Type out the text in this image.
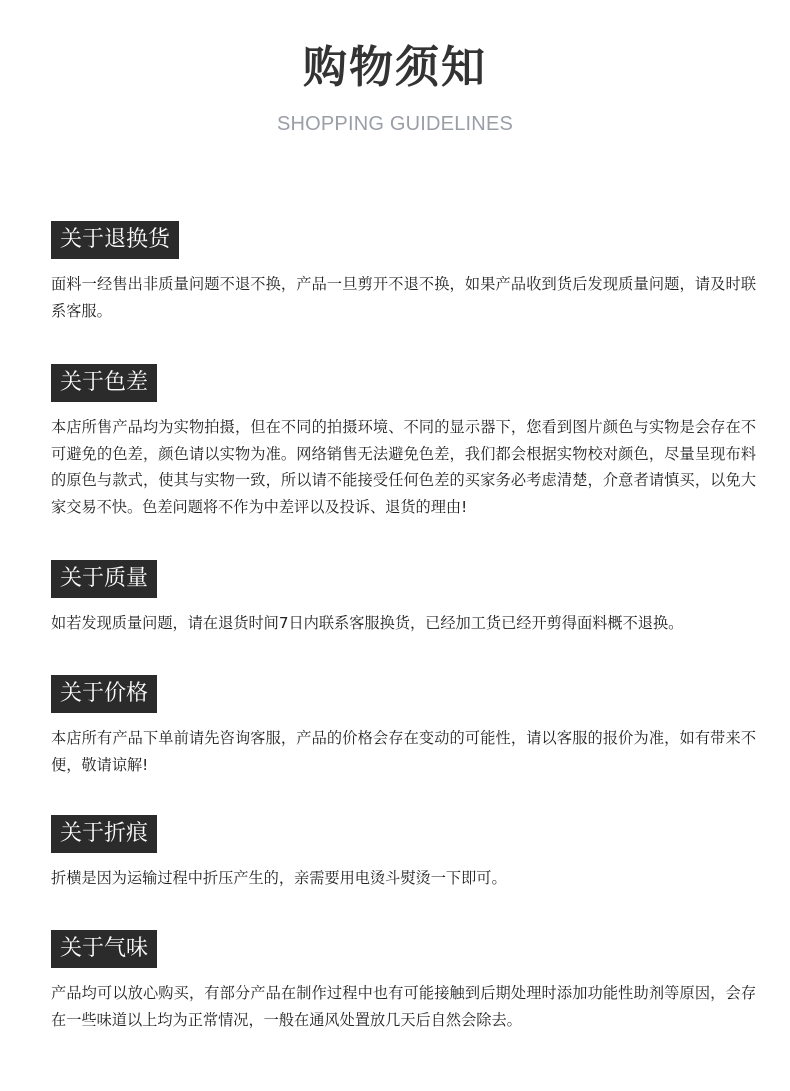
购物须知
SHOPPING GUIDELINES
关于退换货
面料一经售出非质量问题不退不换，产品一旦剪开不退不换，如果产品收到货后发现质量问题，请及时联系客服。
关于色差
本店所售产品均为实物拍摄，但在不同的拍摄环境、不同的显示器下，您看到图片颜色与实物是会存在不可避免的色差，颜色请以实物为准。网络销售无法避免色差，我们都会根据实物校对颜色，尽量呈现布料的原色与款式，使其与实物一致，所以请不能接受任何色差的买家务必考虑清楚，介意者请慎买，以免大家交易不快。色差问题将不作为中差评以及投诉、退货的理由!
关于质量
如若发现质量问题，请在退货时间7日内联系客服换货，已经加工货已经开剪得面料概不退换。
关于价格
本店所有产品下单前请先咨询客服，产品的价格会存在变动的可能性，请以客服的报价为准，如有带来不便，敬请谅解!
关于折痕
折横是因为运输过程中折压产生的，亲需要用电烫斗熨烫一下即可。
关于气味
产品均可以放心购买，有部分产品在制作过程中也有可能接触到后期处理时添加功能性助剂等原因，会存在一些味道以上均为正常情况，一般在通风处置放几天后自然会除去。
